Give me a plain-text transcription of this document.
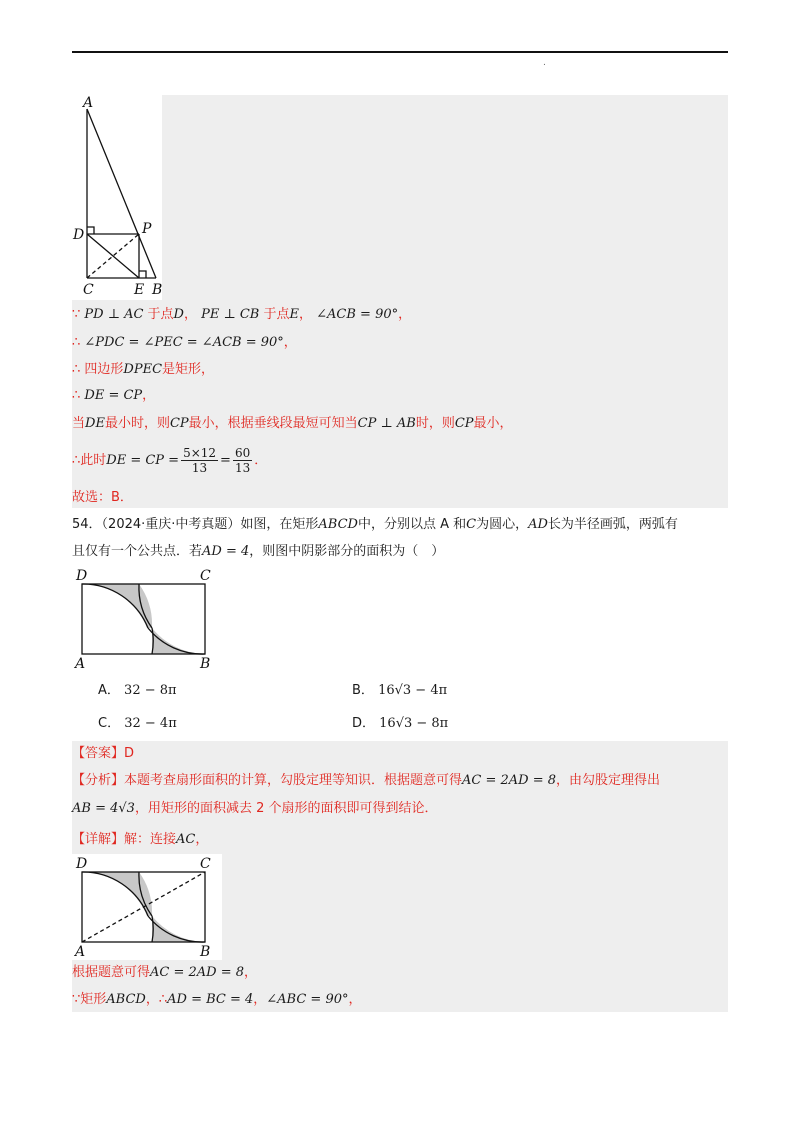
.
A
D	P
C	E B
∵ PD ⊥ AC 于点D， PE ⊥ CB 于点E， ∠ACB = 90°，
∴ ∠PDC = ∠PEC = ∠ACB = 90°，
∴ 四边形DPEC是矩形，
∴ DE = CP，
当DE最小时，则CP最小，根据垂线段最短可知当CP ⊥ AB时，则CP最小，
∴此时DE = CP = $\frac{5\times 12}{13} = \frac{60}{13}$ ．
故选：B．
54．（2024·重庆·中考真题）如图，在矩形ABCD中，分别以点 A 和C为圆心，AD长为半径画弧，两弧有
且仅有一个公共点．若AD = 4，则图中阴影部分的面积为（　）
D	C
A	B
A． 32 − 8π	B． 16√3 − 4π
C． 32 − 4π	D． 16√3 − 8π
【答案】D
【分析】本题考查扇形面积的计算，勾股定理等知识．根据题意可得AC = 2AD = 8，由勾股定理得出
AB = 4√3，用矩形的面积减去 2 个扇形的面积即可得到结论．
【详解】解：连接AC，
D	C
A	B
根据题意可得AC = 2AD = 8，
∵矩形ABCD，∴AD = BC = 4，∠ABC = 90°，
